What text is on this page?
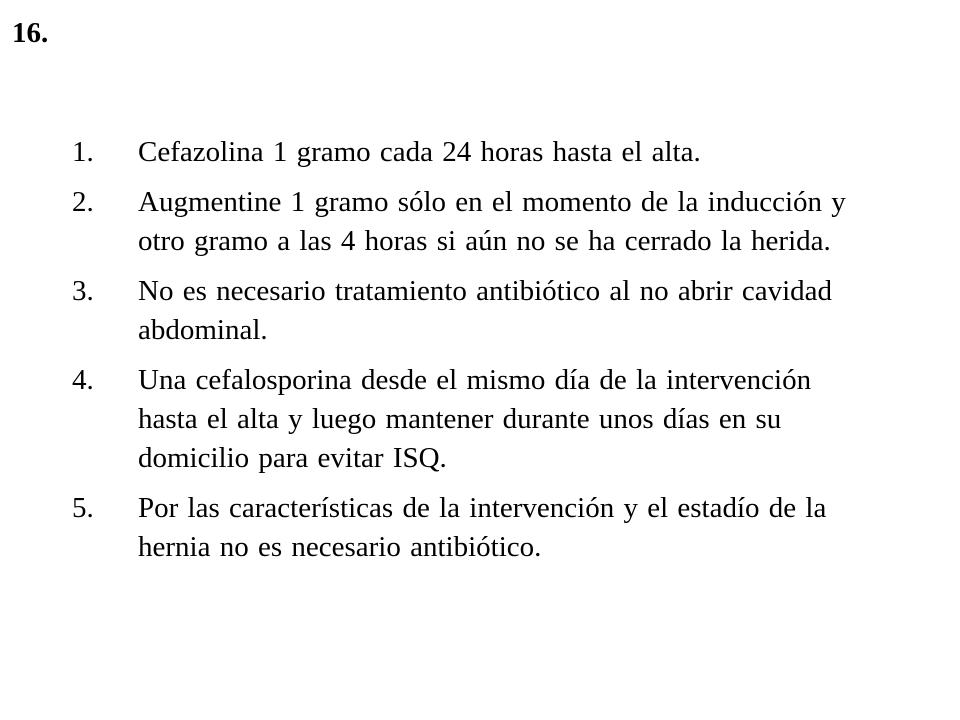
16.
1.	Cefazolina 1 gramo cada 24 horas hasta el alta.
2.	Augmentine 1 gramo sólo en el momento de la inducción y otro gramo a las 4 horas si aún no se ha cerrado la herida.
3.	No es necesario tratamiento antibiótico al no abrir cavidad abdominal.
4.	Una cefalosporina desde el mismo día de la intervención hasta el alta y luego mantener durante unos días en su domicilio para evitar ISQ.
5.	Por las características de la intervención y el estadío de la hernia no es necesario antibiótico.
